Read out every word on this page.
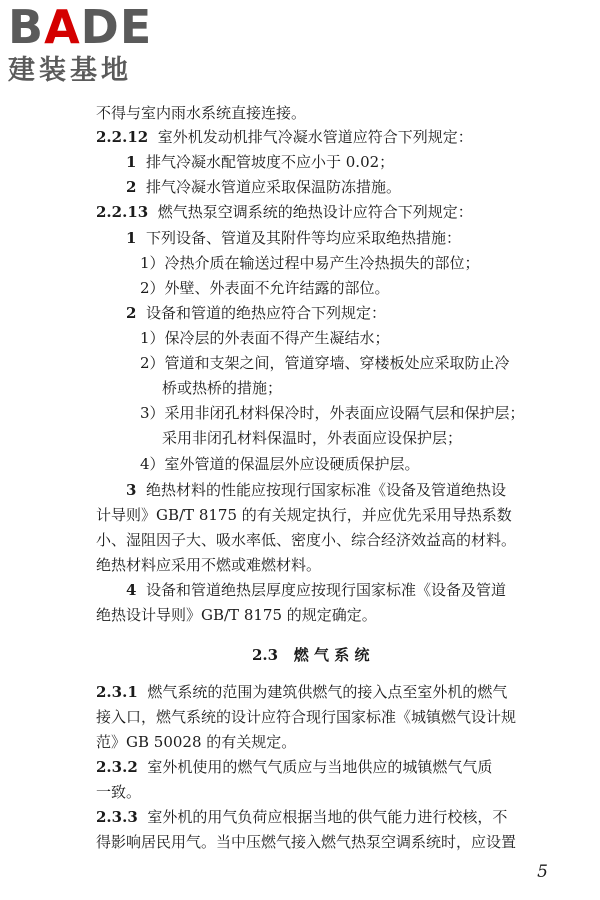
BADE
建装基地
不得与室内雨水系统直接连接。
2.2.12 室外机发动机排气冷凝水管道应符合下列规定：
1 排气冷凝水配管坡度不应小于 0.02；
2 排气冷凝水管道应采取保温防冻措施。
2.2.13 燃气热泵空调系统的绝热设计应符合下列规定：
1 下列设备、管道及其附件等均应采取绝热措施：
1）冷热介质在输送过程中易产生冷热损失的部位；
2）外壁、外表面不允许结露的部位。
2 设备和管道的绝热应符合下列规定：
1）保冷层的外表面不得产生凝结水；
2）管道和支架之间，管道穿墙、穿楼板处应采取防止冷
桥或热桥的措施；
3）采用非闭孔材料保冷时，外表面应设隔气层和保护层；
采用非闭孔材料保温时，外表面应设保护层；
4）室外管道的保温层外应设硬质保护层。
3 绝热材料的性能应按现行国家标准《设备及管道绝热设
计导则》GB/T 8175 的有关规定执行，并应优先采用导热系数
小、湿阻因子大、吸水率低、密度小、综合经济效益高的材料。
绝热材料应采用不燃或难燃材料。
4 设备和管道绝热层厚度应按现行国家标准《设备及管道
绝热设计导则》GB/T 8175 的规定确定。
2.3 燃 气 系 统
2.3.1 燃气系统的范围为建筑供燃气的接入点至室外机的燃气
接入口，燃气系统的设计应符合现行国家标准《城镇燃气设计规
范》GB 50028 的有关规定。
2.3.2 室外机使用的燃气气质应与当地供应的城镇燃气气质
一致。
2.3.3 室外机的用气负荷应根据当地的供气能力进行校核，不
得影响居民用气。当中压燃气接入燃气热泵空调系统时，应设置
5
